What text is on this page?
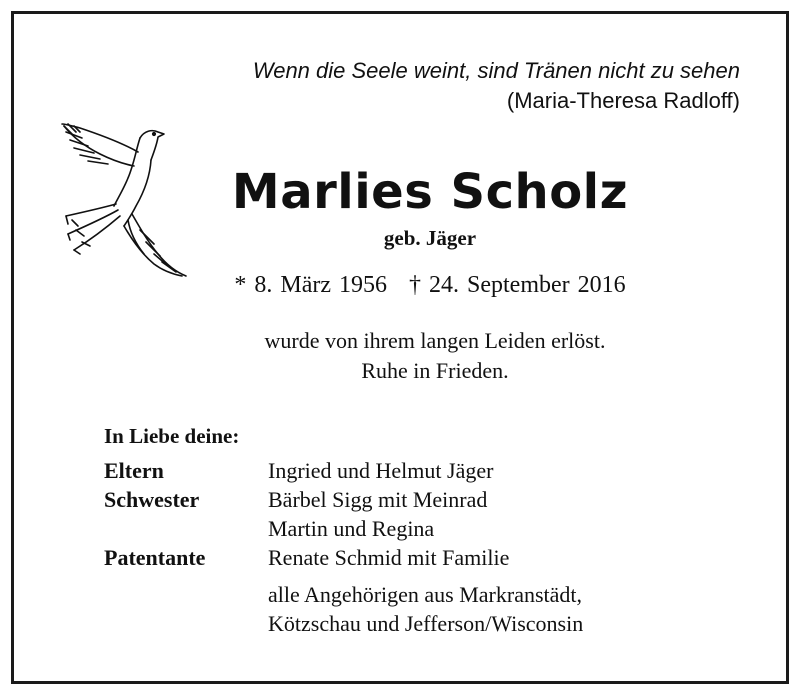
Wenn die Seele weint, sind Tränen nicht zu sehen
(Maria-Theresa Radloff)
Marlies Scholz
geb. Jäger
* 8. März 1956 † 24. September 2016
wurde von ihrem langen Leiden erlöst.
Ruhe in Frieden.
In Liebe deine:
Eltern	Ingried und Helmut Jäger
Schwester	Bärbel Sigg mit Meinrad
Martin und Regina
Patentante	Renate Schmid mit Familie
alle Angehörigen aus Markranstädt,
Kötzschau und Jefferson/Wisconsin
